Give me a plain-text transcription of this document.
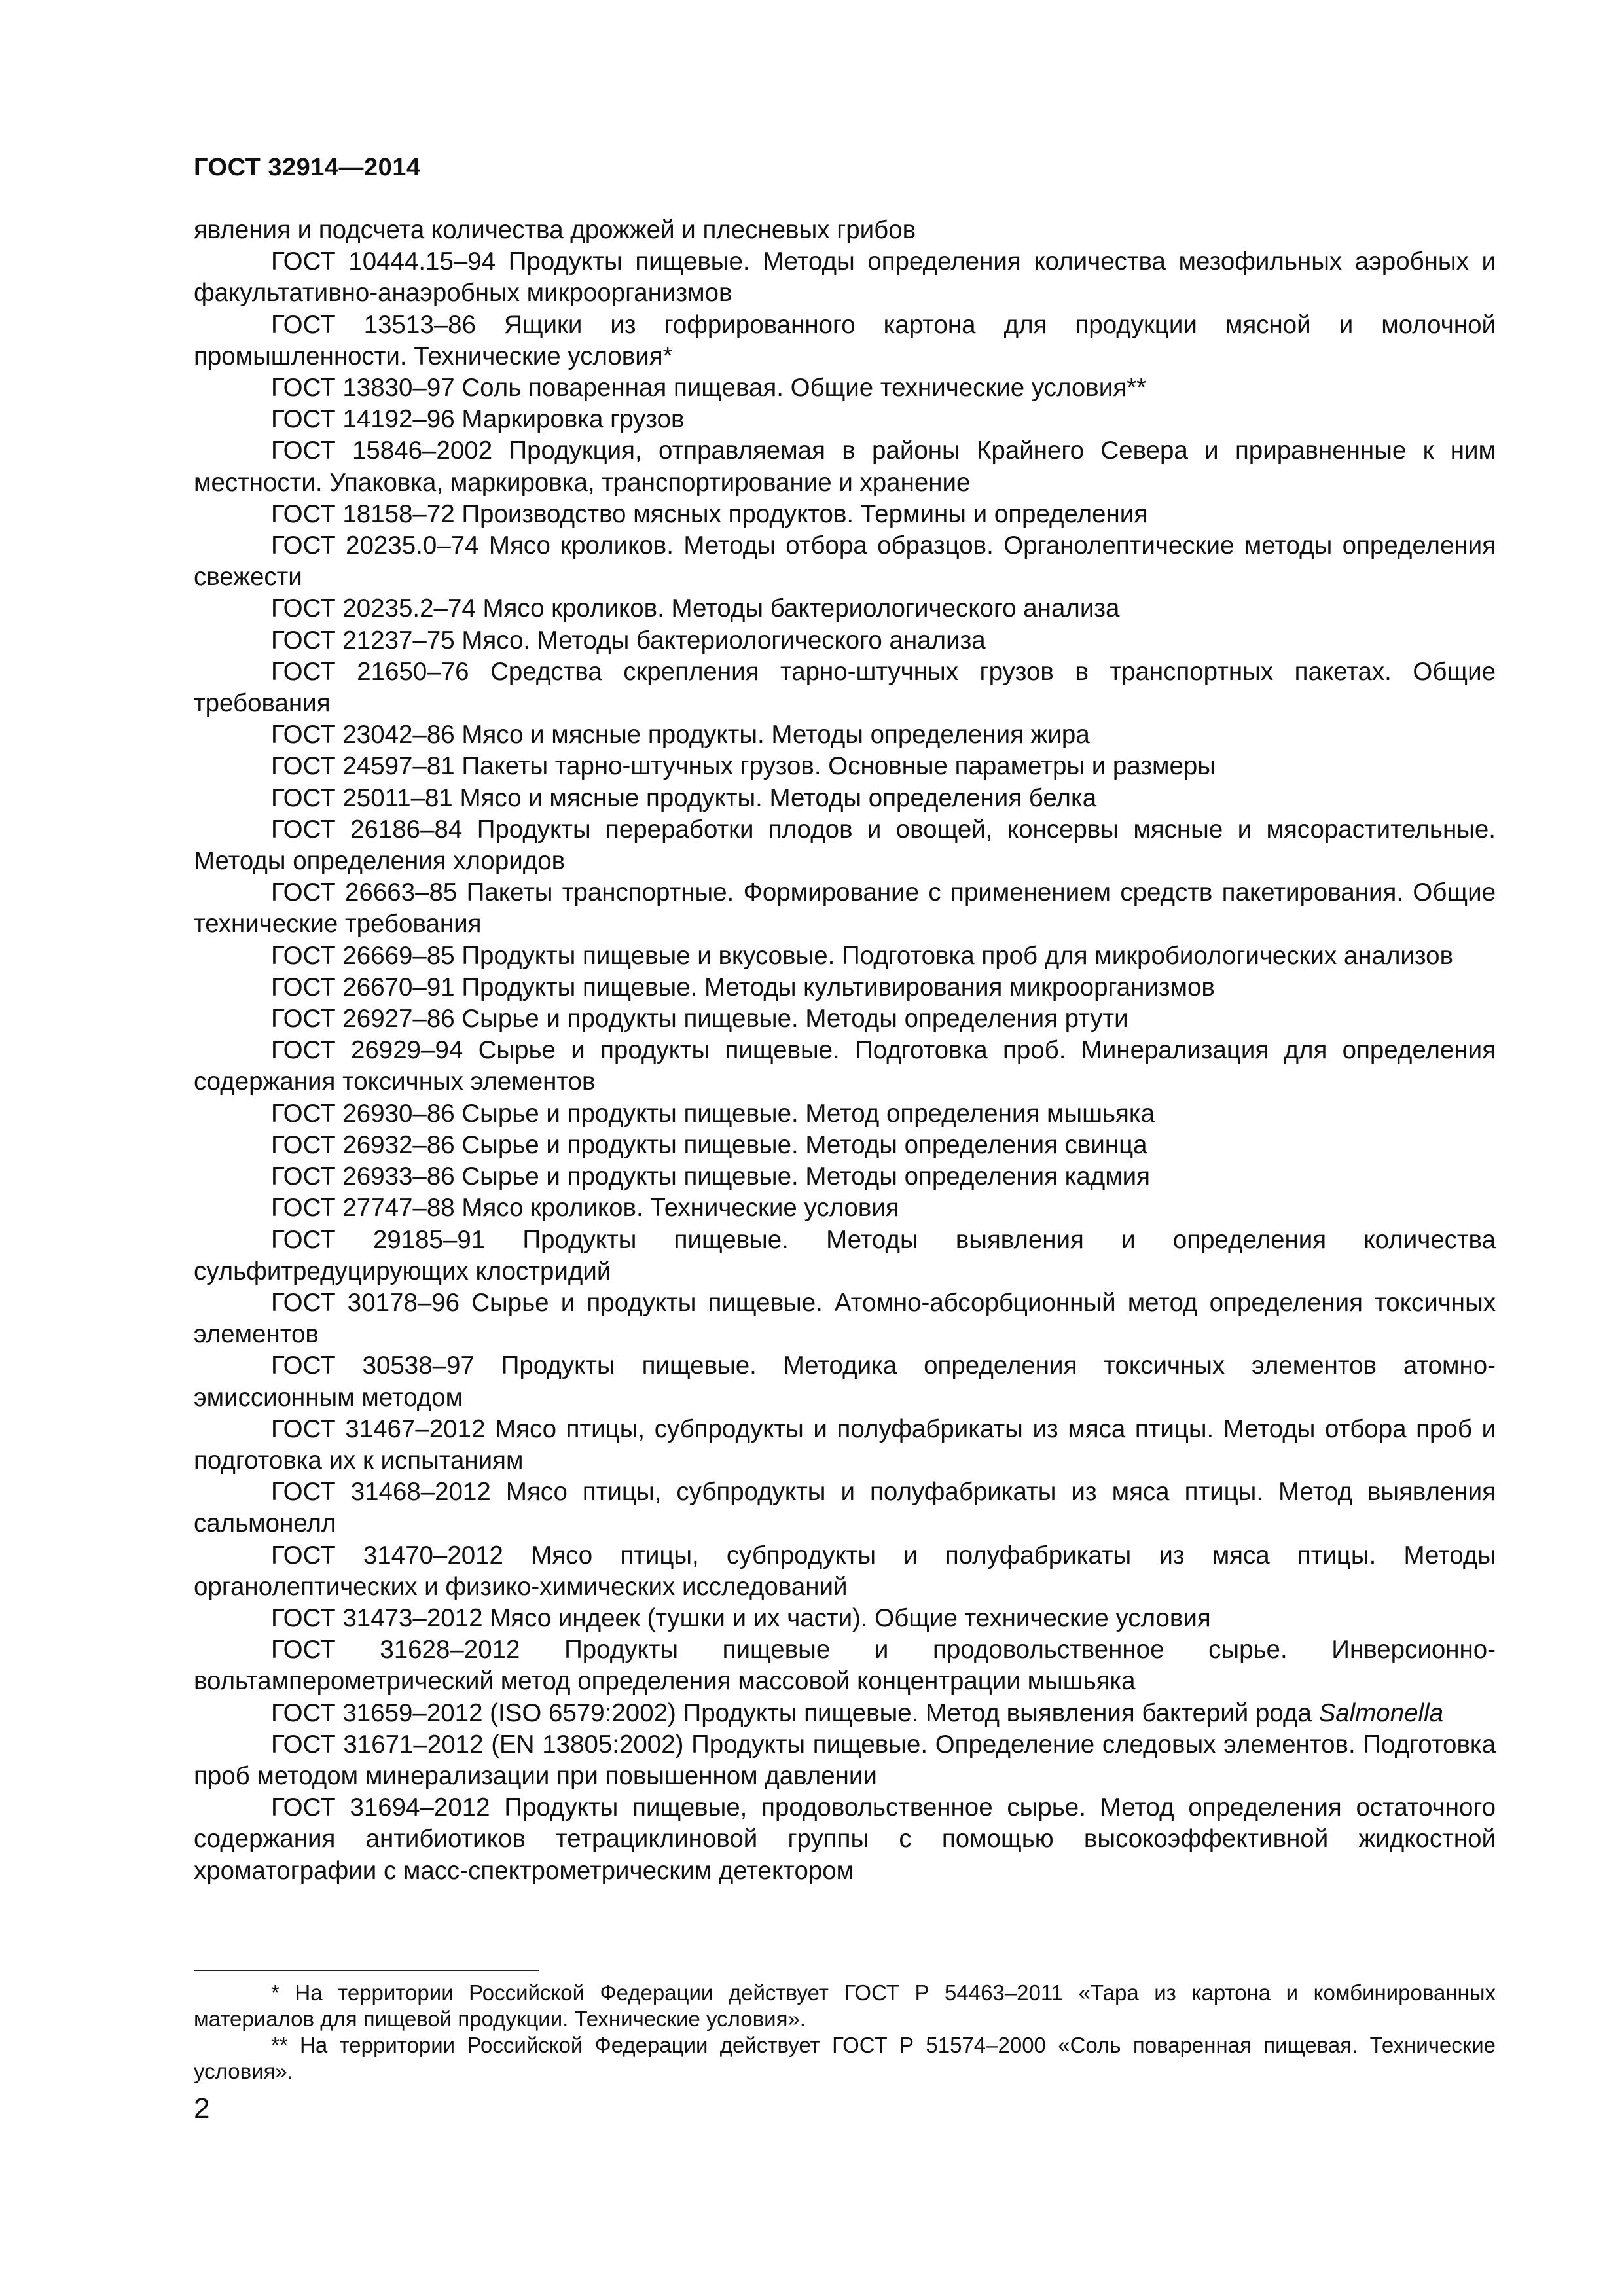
ГОСТ 32914—2014

явления и подсчета количества дрожжей и плесневых грибов

ГОСТ 10444.15–94 Продукты пищевые. Методы определения количества мезофильных аэробных и факультативно-анаэробных микроорганизмов

ГОСТ 13513–86 Ящики из гофрированного картона для продукции мясной и молочной промышленности. Технические условия*

ГОСТ 13830–97 Соль поваренная пищевая. Общие технические условия**

ГОСТ 14192–96 Маркировка грузов

ГОСТ 15846–2002 Продукция, отправляемая в районы Крайнего Севера и приравненные к ним местности. Упаковка, маркировка, транспортирование и хранение

ГОСТ 18158–72 Производство мясных продуктов. Термины и определения

ГОСТ 20235.0–74 Мясо кроликов. Методы отбора образцов. Органолептические методы определения свежести

ГОСТ 20235.2–74 Мясо кроликов. Методы бактериологического анализа

ГОСТ 21237–75 Мясо. Методы бактериологического анализа

ГОСТ 21650–76 Средства скрепления тарно-штучных грузов в транспортных пакетах. Общие требования

ГОСТ 23042–86 Мясо и мясные продукты. Методы определения жира

ГОСТ 24597–81 Пакеты тарно-штучных грузов. Основные параметры и размеры

ГОСТ 25011–81 Мясо и мясные продукты. Методы определения белка

ГОСТ 26186–84 Продукты переработки плодов и овощей, консервы мясные и мясорастительные. Методы определения хлоридов

ГОСТ 26663–85 Пакеты транспортные. Формирование с применением средств пакетирования. Общие технические требования

ГОСТ 26669–85 Продукты пищевые и вкусовые. Подготовка проб для микробиологических анализов

ГОСТ 26670–91 Продукты пищевые. Методы культивирования микроорганизмов

ГОСТ 26927–86 Сырье и продукты пищевые. Методы определения ртути

ГОСТ 26929–94 Сырье и продукты пищевые. Подготовка проб. Минерализация для определения содержания токсичных элементов

ГОСТ 26930–86 Сырье и продукты пищевые. Метод определения мышьяка

ГОСТ 26932–86 Сырье и продукты пищевые. Методы определения свинца

ГОСТ 26933–86 Сырье и продукты пищевые. Методы определения кадмия

ГОСТ 27747–88 Мясо кроликов. Технические условия

ГОСТ 29185–91 Продукты пищевые. Методы выявления и определения количества сульфитредуцирующих клостридий

ГОСТ 30178–96 Сырье и продукты пищевые. Атомно-абсорбционный метод определения токсичных элементов

ГОСТ 30538–97 Продукты пищевые. Методика определения токсичных элементов атомно-эмиссионным методом

ГОСТ 31467–2012 Мясо птицы, субпродукты и полуфабрикаты из мяса птицы. Методы отбора проб и подготовка их к испытаниям

ГОСТ 31468–2012 Мясо птицы, субпродукты и полуфабрикаты из мяса птицы. Метод выявления сальмонелл

ГОСТ 31470–2012 Мясо птицы, субпродукты и полуфабрикаты из мяса птицы. Методы органолептических и физико-химических исследований

ГОСТ 31473–2012 Мясо индеек (тушки и их части). Общие технические условия

ГОСТ 31628–2012 Продукты пищевые и продовольственное сырье. Инверсионно-вольтамперометрический метод определения массовой концентрации мышьяка

ГОСТ 31659–2012 (ISO 6579:2002) Продукты пищевые. Метод выявления бактерий рода Salmonella

ГОСТ 31671–2012 (EN 13805:2002) Продукты пищевые. Определение следовых элементов. Подготовка проб методом минерализации при повышенном давлении

ГОСТ 31694–2012 Продукты пищевые, продовольственное сырье. Метод определения остаточного содержания антибиотиков тетрациклиновой группы с помощью высокоэффективной жидкостной хроматографии с масс-спектрометрическим детектором

* На территории Российской Федерации действует ГОСТ Р 54463–2011 «Тара из картона и комбинированных материалов для пищевой продукции. Технические условия».

** На территории Российской Федерации действует ГОСТ Р 51574–2000 «Соль поваренная пищевая. Технические условия».

2
